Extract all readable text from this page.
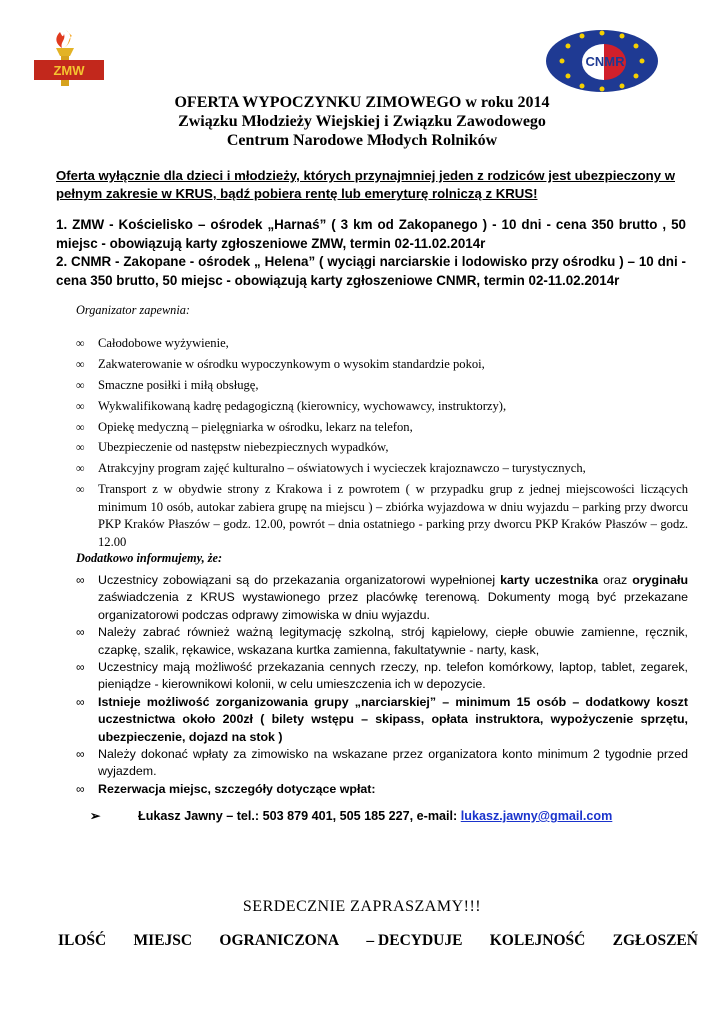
ZMW
CNMR
OFERTA WYPOCZYNKU ZIMOWEGO w roku 2014
Związku Młodzieży Wiejskiej i Związku Zawodowego
Centrum Narodowe Młodych Rolników
Oferta wyłącznie dla dzieci i młodzieży, których przynajmniej jeden z rodziców jest ubezpieczony w pełnym zakresie w KRUS, bądź pobiera rentę lub emeryturę rolniczą z KRUS!

1. ZMW - Kościelisko – ośrodek „Harnaś” ( 3 km od Zakopanego ) - 10 dni - cena 350 brutto , 50 miejsc - obowiązują karty zgłoszeniowe ZMW, termin 02-11.02.2014r

2. CNMR - Zakopane - ośrodek „ Helena” ( wyciągi narciarskie i lodowisko przy ośrodku ) – 10 dni - cena 350 brutto, 50 miejsc - obowiązują karty zgłoszeniowe CNMR, termin 02-11.02.2014r

Organizator zapewnia:
∞ Całodobowe wyżywienie,
∞ Zakwaterowanie w ośrodku wypoczynkowym o wysokim standardzie pokoi,
∞ Smaczne posiłki i miłą obsługę,
∞ Wykwalifikowaną kadrę pedagogiczną (kierownicy, wychowawcy, instruktorzy),
∞ Opiekę medyczną – pielęgniarka w ośrodku, lekarz na telefon,
∞ Ubezpieczenie od następstw niebezpiecznych wypadków,
∞ Atrakcyjny program zajęć kulturalno – oświatowych i wycieczek krajoznawczo – turystycznych,
∞ Transport z w obydwie strony z Krakowa i z powrotem ( w przypadku grup z jednej miejscowości liczących minimum 10 osób, autokar zabiera grupę na miejscu ) – zbiórka wyjazdowa w dniu wyjazdu – parking przy dworcu PKP Kraków Płaszów – godz. 12.00, powrót – dnia ostatniego - parking przy dworcu PKP Kraków Płaszów – godz. 12.00
Dodatkowo informujemy, że:
∞ Uczestnicy zobowiązani są do przekazania organizatorowi wypełnionej karty uczestnika oraz oryginału zaświadczenia z KRUS wystawionego przez placówkę terenową. Dokumenty mogą być przekazane organizatorowi podczas odprawy zimowiska w dniu wyjazdu.
∞ Należy zabrać również ważną legitymację szkolną, strój kąpielowy, ciepłe obuwie zamienne, ręcznik, czapkę, szalik, rękawice, wskazana kurtka zamienna, fakultatywnie - narty, kask,
∞ Uczestnicy mają możliwość przekazania cennych rzeczy, np. telefon komórkowy, laptop, tablet, zegarek, pieniądze - kierownikowi kolonii, w celu umieszczenia ich w depozycie.
∞ Istnieje możliwość zorganizowania grupy „narciarskiej” – minimum 15 osób – dodatkowy koszt uczestnictwa około 200zł ( bilety wstępu – skipass, opłata instruktora, wypożyczenie sprzętu, ubezpieczenie, dojazd na stok )
∞ Należy dokonać wpłaty za zimowisko na wskazane przez organizatora konto minimum 2 tygodnie przed wyjazdem.
∞ Rezerwacja miejsc, szczegóły dotyczące wpłat:
➢	Łukasz Jawny – tel.: 503 879 401, 505 185 227, e-mail: lukasz.jawny@gmail.com
SERDECZNIE ZAPRASZAMY!!!
ILOŚĆ MIEJSC OGRANICZONA – DECYDUJE KOLEJNOŚĆ ZGŁOSZEŃ
